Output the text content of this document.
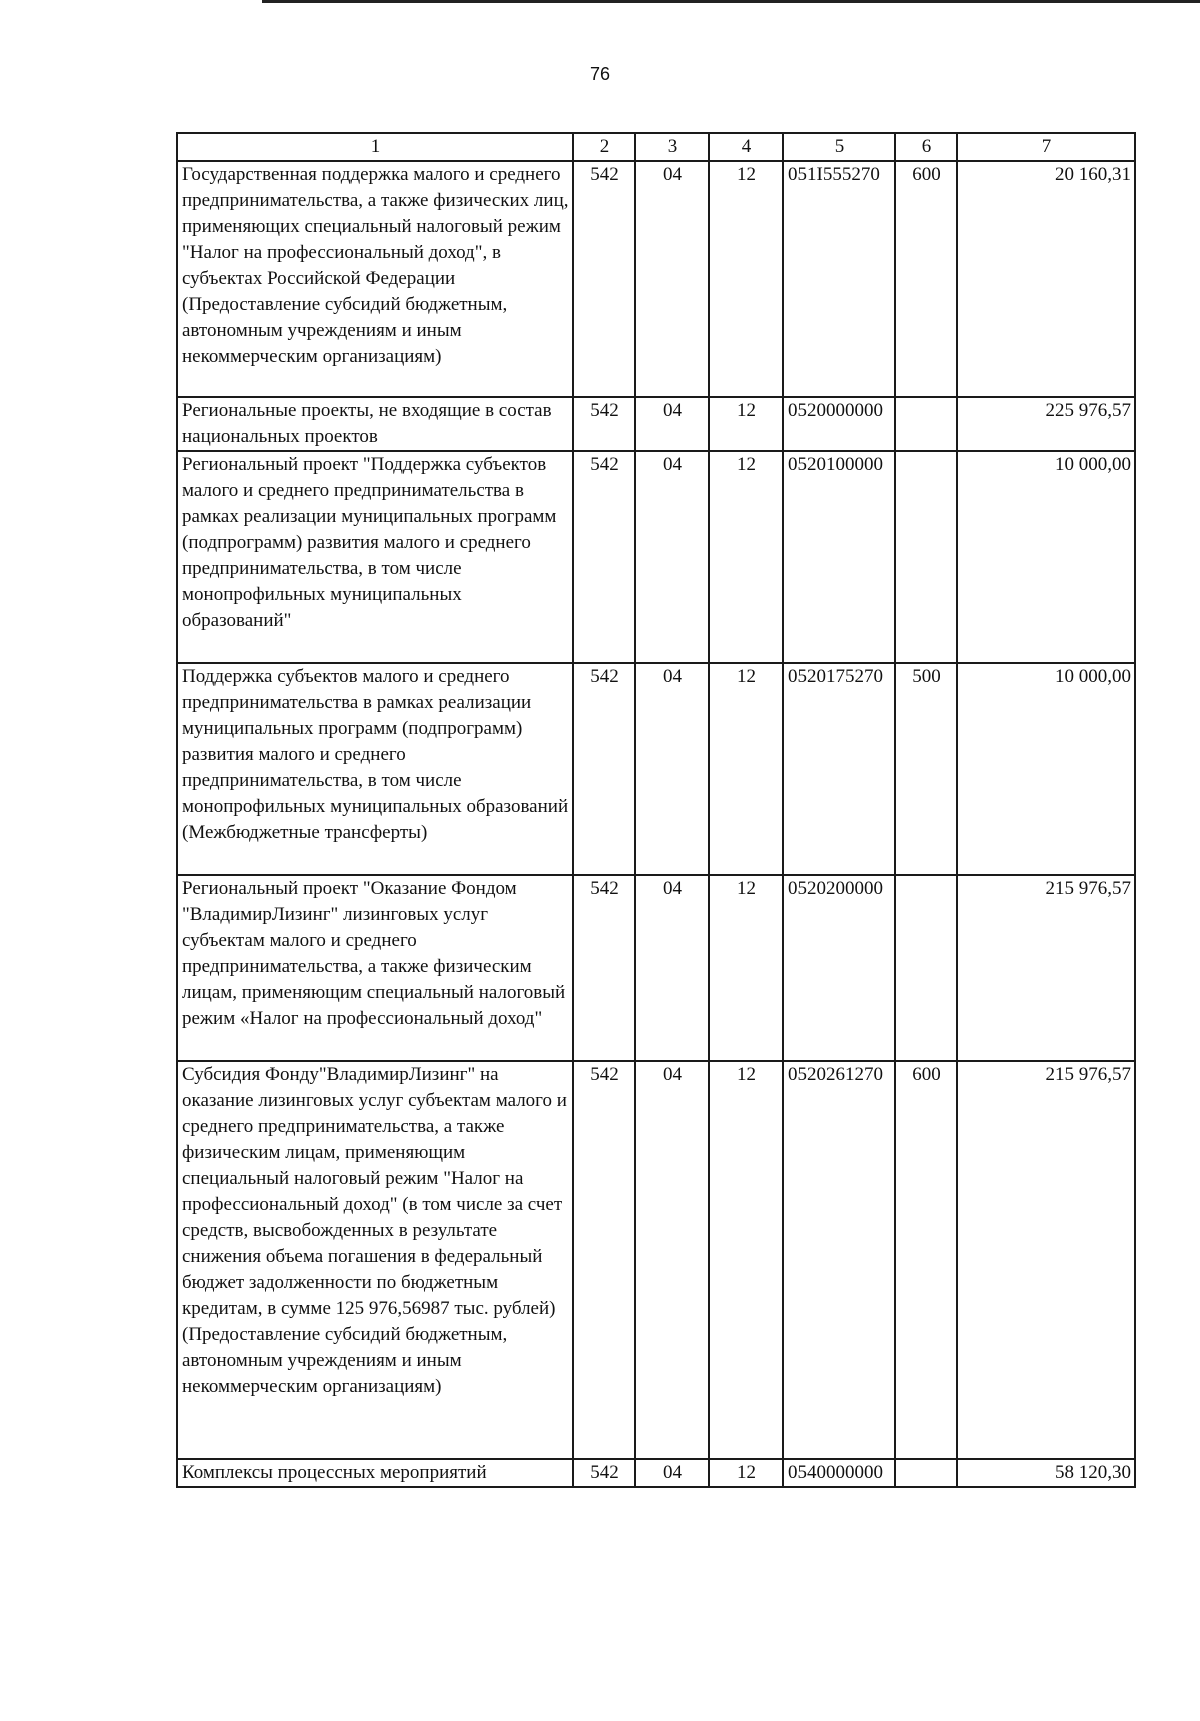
76
1	2	3	4	5	6	7
Государственная поддержка малого и среднего предпринимательства, а также физических лиц, применяющих специальный налоговый режим "Налог на профессиональный доход", в субъектах Российской Федерации (Предоставление субсидий бюджетным, автономным учреждениям и иным некоммерческим организациям)	542	04	12	051I555270	600	20 160,31
Региональные проекты, не входящие в состав национальных проектов	542	04	12	0520000000		225 976,57
Региональный проект "Поддержка субъектов малого и среднего предпринимательства в рамках реализации муниципальных программ (подпрограмм) развития малого и среднего предпринимательства, в том числе монопрофильных муниципальных образований"	542	04	12	0520100000		10 000,00
Поддержка субъектов малого и среднего предпринимательства в рамках реализации муниципальных программ (подпрограмм) развития малого и среднего предпринимательства, в том числе монопрофильных муниципальных образований (Межбюджетные трансферты)	542	04	12	0520175270	500	10 000,00
Региональный проект "Оказание Фондом "ВладимирЛизинг" лизинговых услуг субъектам малого и среднего предпринимательства, а также физическим лицам, применяющим специальный налоговый режим «Налог на профессиональный доход"	542	04	12	0520200000		215 976,57
Субсидия Фонду"ВладимирЛизинг" на оказание лизинговых услуг субъектам малого и среднего предпринимательства, а также физическим лицам, применяющим специальный налоговый режим "Налог на профессиональный доход" (в том числе за счет средств, высвобожденных в результате снижения объема погашения в федеральный бюджет задолженности по бюджетным кредитам, в сумме 125 976,56987 тыс. рублей) (Предоставление субсидий бюджетным, автономным учреждениям и иным некоммерческим организациям)	542	04	12	0520261270	600	215 976,57
Комплексы процессных мероприятий	542	04	12	0540000000		58 120,30
